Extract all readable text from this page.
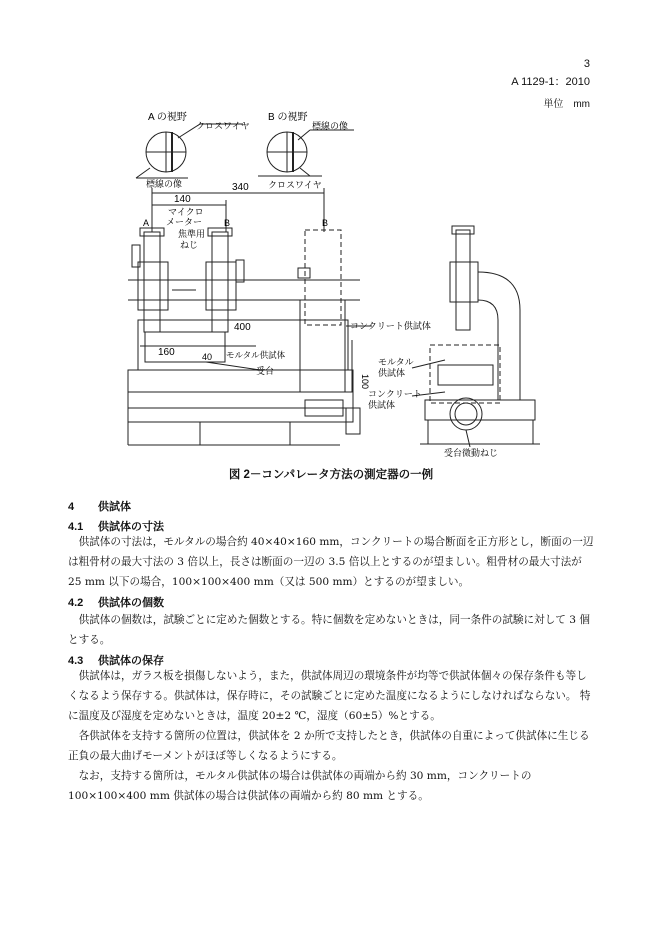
3
A 1129-1：2010
単位　mm
A の視野	B の視野
クロスワイヤ
標線の像
標線の像
クロスワイヤ
340
140
マイクロ
メーター
A	B	B
焦準用
ねじ
400
160	40 モルタル供試体
受台
コンクリート供試体
100
モルタル
供試体
コンクリート
供試体
受台微動ねじ
図 2－コンパレータ方法の測定器の一例
4 供試体
4.1 供試体の寸法

供試体の寸法は，モルタルの場合約 40×40×160 mm，コンクリートの場合断面を正方形とし，断面の一辺は粗骨材の最大寸法の 3 倍以上，長さは断面の一辺の 3.5 倍以上とするのが望ましい。粗骨材の最大寸法が 25 mm 以下の場合，100×100×400 mm（又は 500 mm）とするのが望ましい。

4.2 供試体の個数

供試体の個数は，試験ごとに定めた個数とする。特に個数を定めないときは，同一条件の試験に対して 3 個とする。

4.3 供試体の保存

供試体は，ガラス板を損傷しないよう，また，供試体周辺の環境条件が均等で供試体個々の保存条件も等しくなるよう保存する。供試体は，保存時に，その試験ごとに定めた温度になるようにしなければならない。 特に温度及び湿度を定めないときは，温度 20±2 ℃，湿度（60±5）%とする。

各供試体を支持する箇所の位置は，供試体を 2 か所で支持したとき，供試体の自重によって供試体に生じる正負の最大曲げモーメントがほぼ等しくなるようにする。

なお，支持する箇所は，モルタル供試体の場合は供試体の両端から約 30 mm，コンクリートの 100×100×400 mm 供試体の場合は供試体の両端から約 80 mm とする。
